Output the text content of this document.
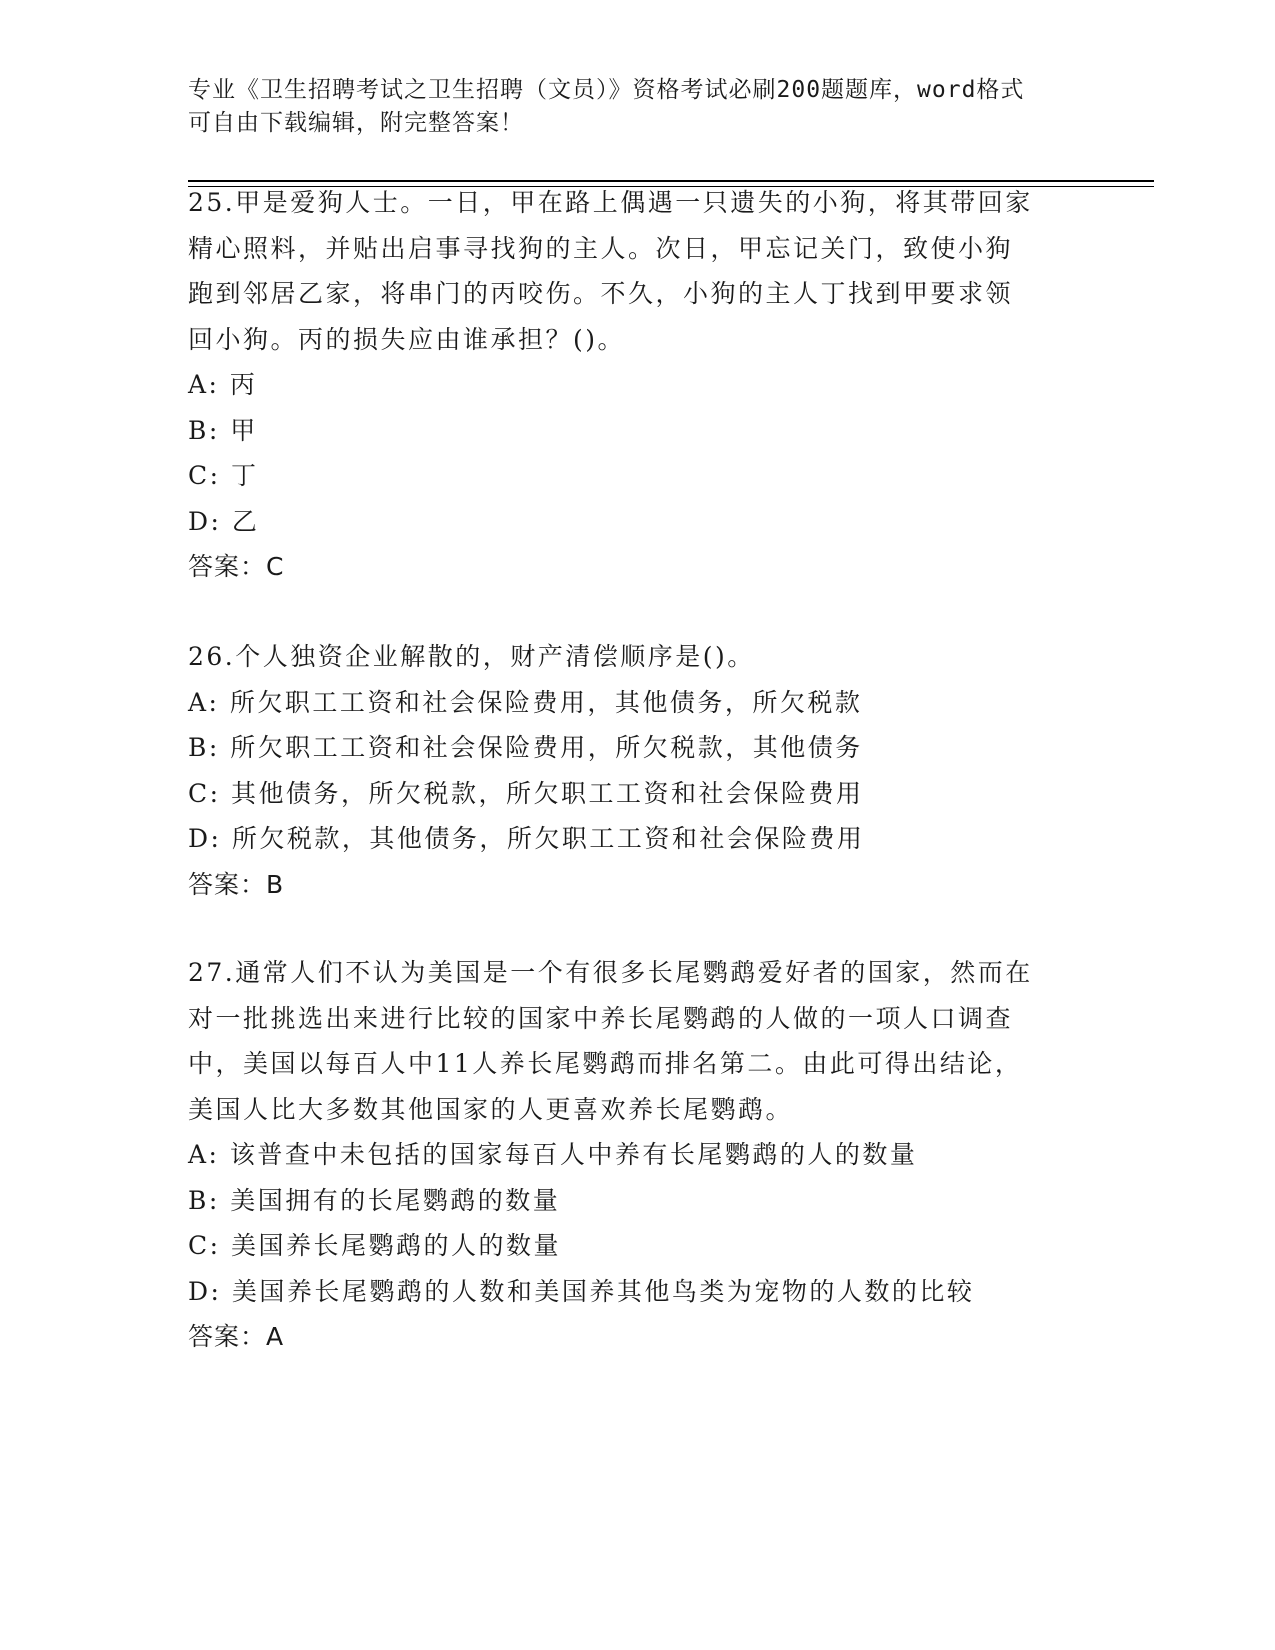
专业《卫生招聘考试之卫生招聘（文员）》资格考试必刷200题题库，word格式
可自由下载编辑，附完整答案！
25.甲是爱狗人士。一日，甲在路上偶遇一只遗失的小狗，将其带回家
精心照料，并贴出启事寻找狗的主人。次日，甲忘记关门，致使小狗
跑到邻居乙家，将串门的丙咬伤。不久，小狗的主人丁找到甲要求领
回小狗。丙的损失应由谁承担？()。
A: 丙
B: 甲
C: 丁
D: 乙
答案：C
26.个人独资企业解散的，财产清偿顺序是()。
A: 所欠职工工资和社会保险费用，其他债务，所欠税款
B: 所欠职工工资和社会保险费用，所欠税款，其他债务
C: 其他债务，所欠税款，所欠职工工资和社会保险费用
D: 所欠税款，其他债务，所欠职工工资和社会保险费用
答案：B
27.通常人们不认为美国是一个有很多长尾鹦鹉爱好者的国家，然而在
对一批挑选出来进行比较的国家中养长尾鹦鹉的人做的一项人口调查
中，美国以每百人中11人养长尾鹦鹉而排名第二。由此可得出结论，
美国人比大多数其他国家的人更喜欢养长尾鹦鹉。
A: 该普查中未包括的国家每百人中养有长尾鹦鹉的人的数量
B: 美国拥有的长尾鹦鹉的数量
C: 美国养长尾鹦鹉的人的数量
D: 美国养长尾鹦鹉的人数和美国养其他鸟类为宠物的人数的比较
答案：A
